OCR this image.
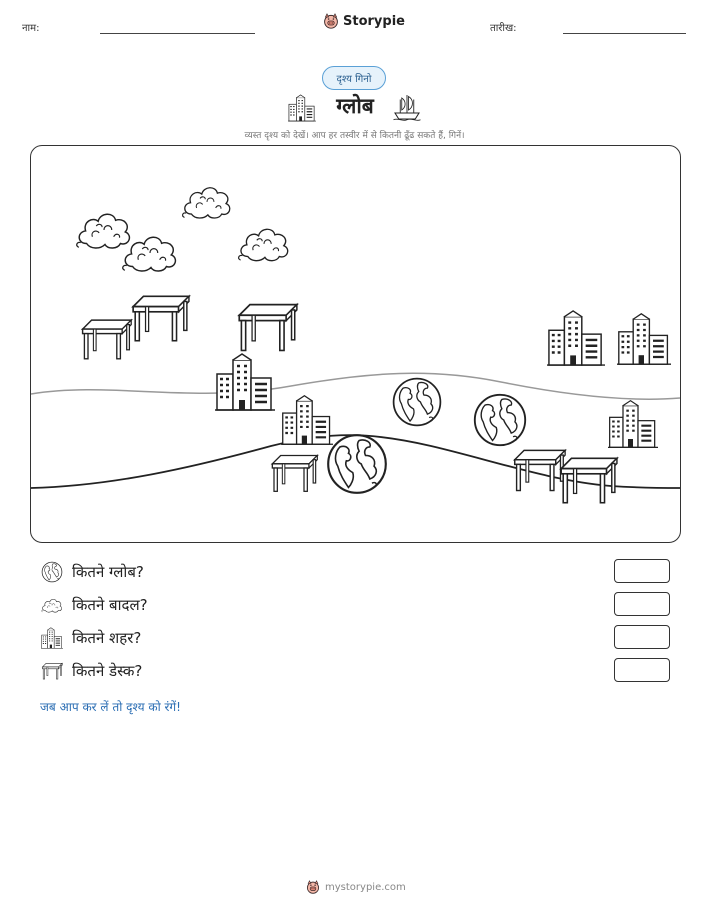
नाम:	Storypie	तारीख:
दृश्य गिनो
ग्लोब
व्यस्त दृश्य को देखें। आप हर तस्वीर में से कितनी ढूँढ सकते हैं, गिनें।
कितने ग्लोब?
कितने बादल?
कितने शहर?
कितने डेस्क?
जब आप कर लें तो दृश्य को रंगें!
mystorypie.com
